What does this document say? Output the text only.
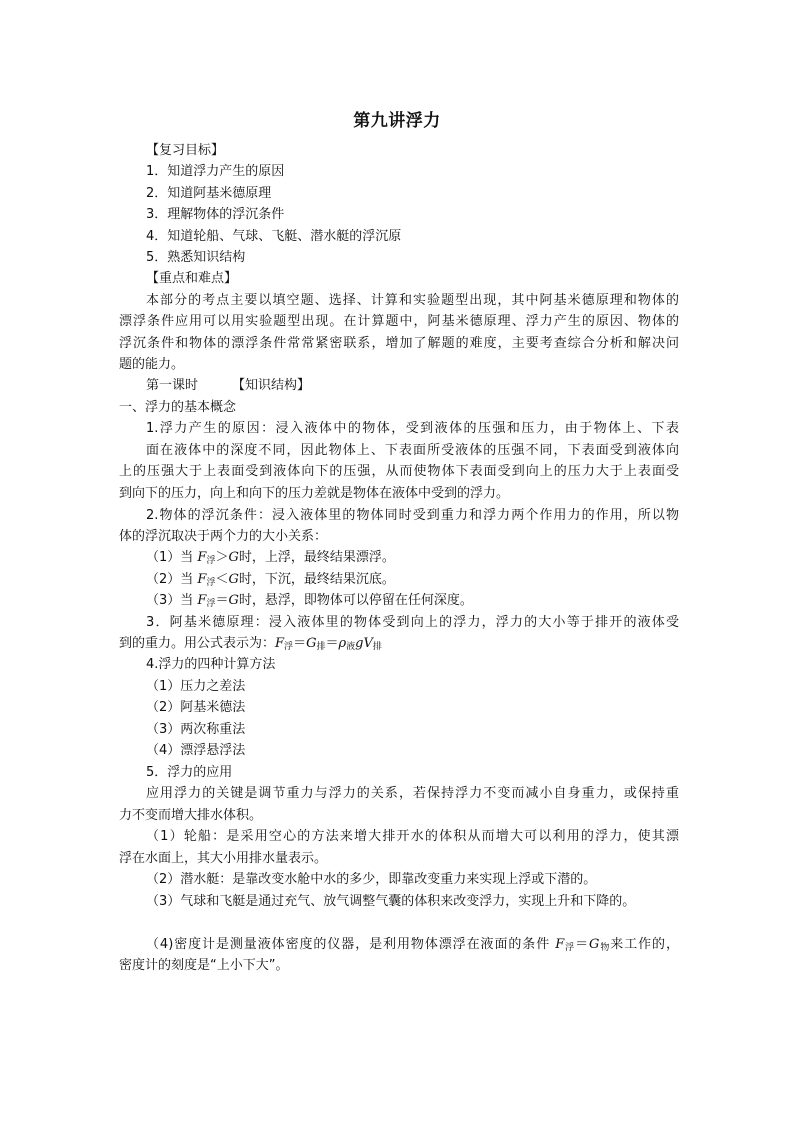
第九讲浮力
【复习目标】
1．知道浮力产生的原因
2．知道阿基米德原理
3．理解物体的浮沉条件
4．知道轮船、气球、飞艇、潜水艇的浮沉原
5．熟悉知识结构
【重点和难点】
本部分的考点主要以填空题、选择、计算和实验题型出现，其中阿基米德原理和物体的
漂浮条件应用可以用实验题型出现。在计算题中，阿基米德原理、浮力产生的原因、物体的
浮沉条件和物体的漂浮条件常常紧密联系，增加了解题的难度，主要考查综合分析和解决问
题的能力。
第一课时	【知识结构】
一、浮力的基本概念
1.浮力产生的原因：浸入液体中的物体，受到液体的压强和压力，由于物体上、下表
面在液体中的深度不同，因此物体上、下表面所受液体的压强不同，下表面受到液体向
上的压强大于上表面受到液体向下的压强，从而使物体下表面受到向上的压力大于上表面受
到向下的压力，向上和向下的压力差就是物体在液体中受到的浮力。
2.物体的浮沉条件：浸入液体里的物体同时受到重力和浮力两个作用力的作用，所以物
体的浮沉取决于两个力的大小关系：
（1）当 $F_浮>G$时，上浮，最终结果漂浮。
（2）当 $F_浮<G$时，下沉，最终结果沉底。
（3）当 $F_浮=G$时，悬浮，即物体可以停留在任何深度。
3．阿基米德原理：浸入液体里的物体受到向上的浮力，浮力的大小等于排开的液体受
到的重力。用公式表示为：$F_浮=G_排=\rho_液gV_排$
4.浮力的四种计算方法
（1）压力之差法
（2）阿基米德法
（3）两次称重法
（4）漂浮悬浮法
5．浮力的应用
应用浮力的关键是调节重力与浮力的关系，若保持浮力不变而减小自身重力，或保持重
力不变而增大排水体积。
（1）轮船：是采用空心的方法来增大排开水的体积从而增大可以利用的浮力，使其漂
浮在水面上，其大小用排水量表示。
（2）潜水艇：是靠改变水舱中水的多少，即靠改变重力来实现上浮或下潜的。
（3）气球和飞艇是通过充气、放气调整气囊的体积来改变浮力，实现上升和下降的。
（4)密度计是测量液体密度的仪器，是利用物体漂浮在液面的条件 $F_浮=G_物$来工作的，
密度计的刻度是“上小下大”。
